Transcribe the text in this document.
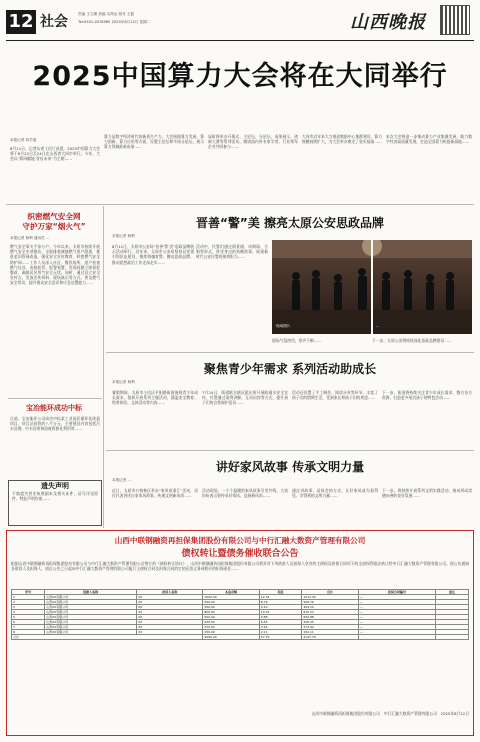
12 社会	责编 王文渊 美编 乌昂达 校对 王磊
Tel:0351-4078965 2025年8月12日 星期二	山西晚报
2025中国算力大会将在大同举行
本报记者 刘学道
8月11日，记者从省工信厅获悉，2025中国算力大会将于8月22日至24日在山西省大同市举行。今年，大会以“算网赋能 智启未来”为主题……
算力是数字经济时代的新质生产力。大会围绕算力发展、算力创新、算力应用等方面，设置主论坛和多场分论坛，展示算力领域最新成果……
届时将举办开幕式、主论坛、分论坛、成果展示、创新大赛等系列活动，邀请国内外专家学者、行业领军企业共同参与……
大同市近年来大力推进数据中心集群建设，算力规模持续扩大，为大会举办奠定了坚实基础……
本次大会将进一步推动算力产业集聚发展，助力数字经济高质量发展，打造全国算力枢纽新高地……
织密燃气安全网
守护万家“烟火气”
本报记者 杨利 通讯员 ...
燃气安全事关千家万户。今年以来，太原市持续开展燃气安全专项整治，全面排查城镇燃气用户隐患，推进老旧管网改造，强化安全宣传教育，织密燃气安全防护网……工作人员深入社区、餐饮场所，逐户检查燃气灶具、连接软管、报警装置，发现问题立即督促整改，确保居民用气安全无忧。同时，通过设立安全宣传点、发放宣传资料、现场演示等方式，普及燃气安全常识，提升群众安全意识和应急处置能力……
宝冶能环成功中标
日前，宝冶能环公司成功中标某工业园区循环化改造项目，项目总投资约八千万元，主要建设内容包括污水处理、中水回用和固废资源化利用等……
遗失声明
不慎遗失营业执照副本及相关证件，证号详见原件，特此声明作废……
晋善“警”美 擦亮太原公安思政品牌
本报记者 杨利
8月11日，太原市公安局“晋善‘警’美”思政品牌展示活动举行。近年来，太原市公安局坚持以党建引领队伍建设，聚焦铸魂育警，擦亮思政品牌，推动思想政治工作走深走实……
活动中，民警们通过情景剧、诗朗诵、合唱等形式，讲述身边的英模故事，展现新时代公安民警的使命担当……
现场图片	...
现场气氛热烈，掌声不断……	下一步，太原公安将持续深化思政品牌建设……
聚焦青少年需求 系列活动助成长
本报记者 杨利
暑假期间，太原市小店区平阳路街道围绕青少年成长需求，组织开展系列主题活动，涵盖安全教育、科普体验、文体活动等内容……
7月24日，街道联合辖区派出所开展防溺水安全宣传，民警通过案例讲解、互动问答等方式，提升孩子们的自我保护意识……
活动还设置了手工制作、阅读分享等环节，丰富了孩子们的假期生活，受到家长和孩子们的欢迎……
下一步，街道将持续关注青少年成长需求，整合各方资源，打造更多贴近孩子的特色活动……
讲好家风故事 传承文明力量
本报记者 ...
近日，太原市万柏林区举办“家风故事汇”活动，居民代表讲述自家家风故事，传递文明新风尚……
活动现场，一个个温暖的家风故事引发共鸣，大家纷纷表示要传承好家风，弘扬新风尚……
通过讲故事、谈体会的方式，让好家风成为看得见、学得到的文明力量……
下一步，将持续开展系列文明实践活动，推动形成崇德向善的良好氛围……
山西中联钢融资再担保集团股份有限公司与中行汇融大数资产管理有限公司
债权转让暨债务催收联合公告
根据山西中联钢融资再担保集团股份有限公司与中行汇融大数资产管理有限公司签订的《债权转让协议》，山西中联钢融资再担保集团股份有限公司将其对下列借款人及担保人享有的主债权及担保合同项下的全部权利依法转让给中行汇融大数资产管理有限公司。现公告通知各借款人及担保人，请自公告之日起向中行汇融大数资产管理有限公司履行主债权合同及担保合同约定的还款义务或相应的担保责任……
序号	借款人名称	担保人名称	本金余额	利息	合计	担保合同编号	备注
1	山西XX有限公司	XX	1000.00	12.34	1012.34	—	
2	山西XX有限公司	XX	500.00	8.76	508.76	—	
3	山西XX有限公司	XX	300.00	4.10	304.10	—	
4	山西XX有限公司	XX	800.00	10.23	810.23	—	
5	山西XX有限公司	XX	650.00	9.88	659.88	—	
6	山西XX有限公司	XX	420.00	6.45	426.45	—	
7	山西XX有限公司	XX	270.00	3.92	273.92	—	
8	山西XX有限公司	XX	150.00	2.11	152.11	—	
合计			4090.00	57.79	4147.79		
山西中联钢融资再担保集团股份有限公司　中行汇融大数资产管理有限公司　2025年8月12日
